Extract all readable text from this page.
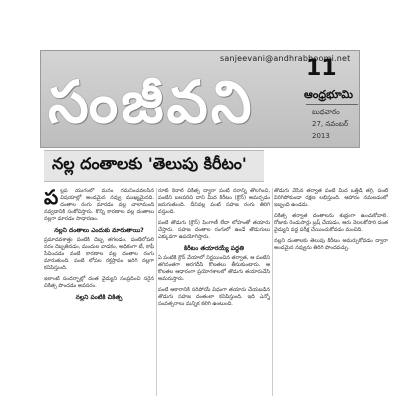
sanjeevani@andhrabhoomi.net
సంజీవని 11
ఆంధ్రభూమి
బుధవారం
27, నవంబర్
2013
నల్ల దంతాలకు 'తెలుపు కిరీటం'

పల్లప యుగంలో మనం గమనించవలసిన విషయాల్లో అందమైన నవ్వు ముఖ్యమైనది. దంతాల రంగు మారడం వల్ల చాలామంది నవ్వడానికి సంకోచిస్తారు. కొన్ని కారణాల వల్ల దంతాలు నల్లగా మారడం సాధారణం.

నల్లని దంతాలు ఎందుకు మారుతాయి?

ప్రమాదవశాత్తు పంటికి దెబ్బ తగలడం, పంటిలోపలి నరం దెబ్బతినడం, మందుల వాడకం, అధికంగా టీ, కాఫీ సేవించడం వంటి కారణాల వల్ల దంతాల రంగు మారుతుంది. పంటి లోపల రక్తస్రావం జరిగి నల్లగా కనిపిస్తుంది.

ఇలాంటి సందర్భాల్లో దంత వైద్యుని సంప్రదించి సరైన చికిత్స పొందడం అవసరం.

నల్లని పంటికి చికిత్స

రూట్ కెనాల్ చికిత్స ద్వారా పంటి నరాన్ని తొలగించి, పంటిని బలపరిచి దాని మీద కిరీటం (క్రౌన్) అమర్చడం జరుగుతుంది. దీనివల్ల పంటి సహజ రంగు తిరిగి వస్తుంది.

పంటి తొడుగు (క్రౌన్) పింగాణీ లేదా లోహంతో తయారు చేస్తారు. సహజ దంతాల రంగులో ఉండే తొడుగులు ఎక్కువగా ఉపయోగిస్తారు.

కిరీటం తయారయ్యే పద్ధతి

ఏ పంటికి క్రౌన్ వేయాలో నిర్ణయించిన తర్వాత, ఆ పంటిని తగినంతగా అరగదీసి కొలతలు తీసుకుంటారు. ఆ కొలతల ఆధారంగా ప్రయోగశాలలో తొడుగు తయారుచేసి అమరుస్తారు.

పంటి ఆకారానికి సరిపోయే విధంగా తయారు చేయబడిన తొడుగు సహజ దంతంలా కనిపిస్తుంది. ఇది ఎన్నో సంవత్సరాలు మన్నిక కలిగి ఉంటుంది.

తొడుగు వేసిన తర్వాత పంటి మీద ఒత్తిడి తగ్గి, పంటి విరిగిపోకుండా రక్షణ లభిస్తుంది. ఆహారం నమలడంలో ఇబ్బంది ఉండదు.

చికిత్స తర్వాత దంతాలను శుభ్రంగా ఉంచుకోవాలి. రోజుకు రెండుసార్లు బ్రష్ చేయడం, ఆరు నెలలకోసారి దంత వైద్యుని వద్ద పరీక్ష చేయించుకోవడం మంచిది.

నల్లని దంతాలకు తెలుపు కిరీటం అమర్చుకోవడం ద్వారా అందమైన నవ్వును తిరిగి పొందవచ్చు.
